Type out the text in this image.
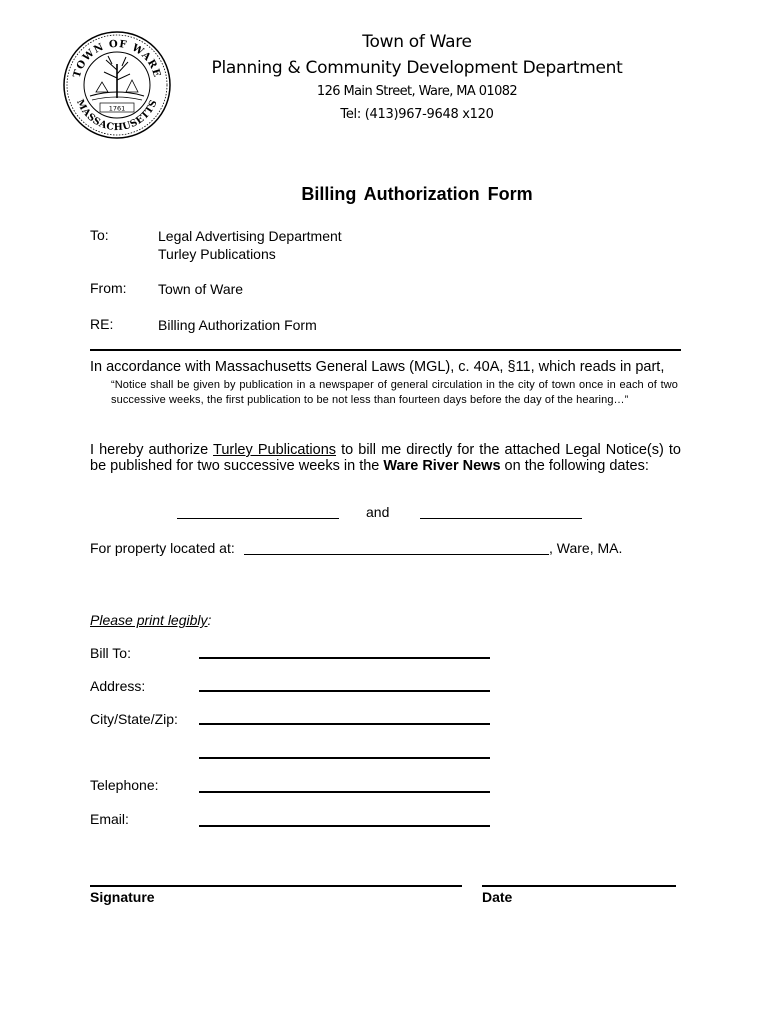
TOWN OF WARE
MASSACHUSETTS
1761
Town of Ware
Planning & Community Development Department
126 Main Street, Ware, MA 01082
Tel: (413)967-9648 x120
Billing Authorization Form
To:	Legal Advertising Department
Turley Publications
From: Town of Ware
RE:	Billing Authorization Form
In accordance with Massachusetts General Laws (MGL), c. 40A, §11, which reads in part,
“Notice shall be given by publication in a newspaper of general circulation in the city of town once in each of two successive weeks, the first publication to be not less than fourteen days before the day of the hearing…”
I hereby authorize Turley Publications to bill me directly for the attached Legal Notice(s) to be published for two successive weeks in the Ware River News on the following dates:
and
For property located at:	, Ware, MA.
Please print legibly:
Bill To:
Address:
City/State/Zip:
Telephone:
Email:
Signature	Date
